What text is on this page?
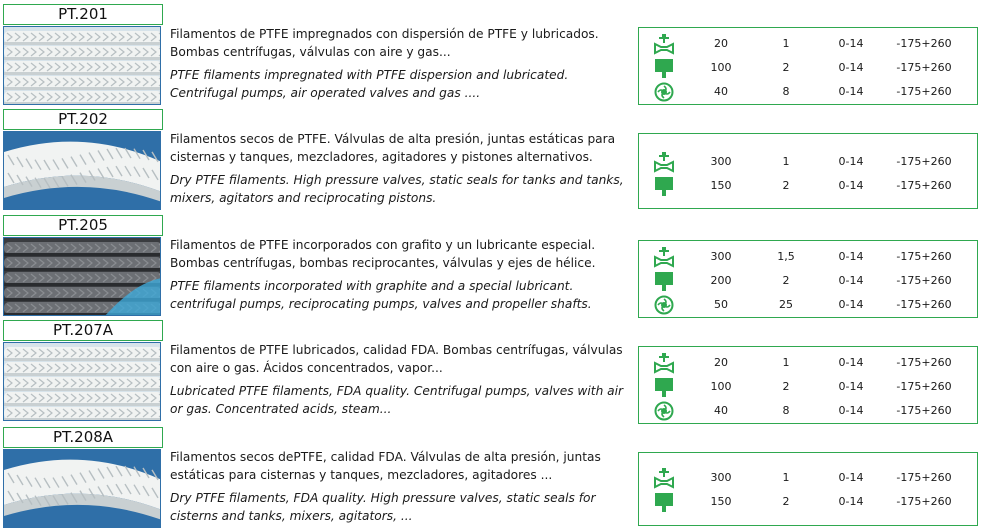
PT.201

Filamentos de PTFE impregnados con dispersión de PTFE y lubricados. Bombas centrífugas, válvulas con aire y gas...

PTFE filaments impregnated with PTFE dispersion and lubricated. Centrifugal pumps, air operated valves and gas ....

20	1	0-14	-175+260
100	2	0-14	-175+260
40	8	0-14	-175+260
PT.202

Filamentos secos de PTFE. Válvulas de alta presión, juntas estáticas para cisternas y tanques, mezcladores, agitadores y pistones alternativos.

Dry PTFE filaments. High pressure valves, static seals for tanks and tanks, mixers, agitators and reciprocating pistons.

300	1	0-14	-175+260
150	2	0-14	-175+260
PT.205

Filamentos de PTFE incorporados con grafito y un lubricante especial. Bombas centrífugas, bombas reciprocantes, válvulas y ejes de hélice.

PTFE filaments incorporated with graphite and a special lubricant. centrifugal pumps, reciprocating pumps, valves and propeller shafts.

300	1,5	0-14	-175+260
200	2	0-14	-175+260
50	25	0-14	-175+260
PT.207A

Filamentos de PTFE lubricados, calidad FDA. Bombas centrífugas, válvulas con aire o gas. Ácidos concentrados, vapor...

Lubricated PTFE filaments, FDA quality. Centrifugal pumps, valves with air or gas. Concentrated acids, steam...

20	1	0-14	-175+260
100	2	0-14	-175+260
40	8	0-14	-175+260
PT.208A

Filamentos secos dePTFE, calidad FDA. Válvulas de alta presión, juntas estáticas para cisternas y tanques, mezcladores, agitadores ...

Dry PTFE filaments, FDA quality. High pressure valves, static seals for cisterns and tanks, mixers, agitators, ...

300	1	0-14	-175+260
150	2	0-14	-175+260
